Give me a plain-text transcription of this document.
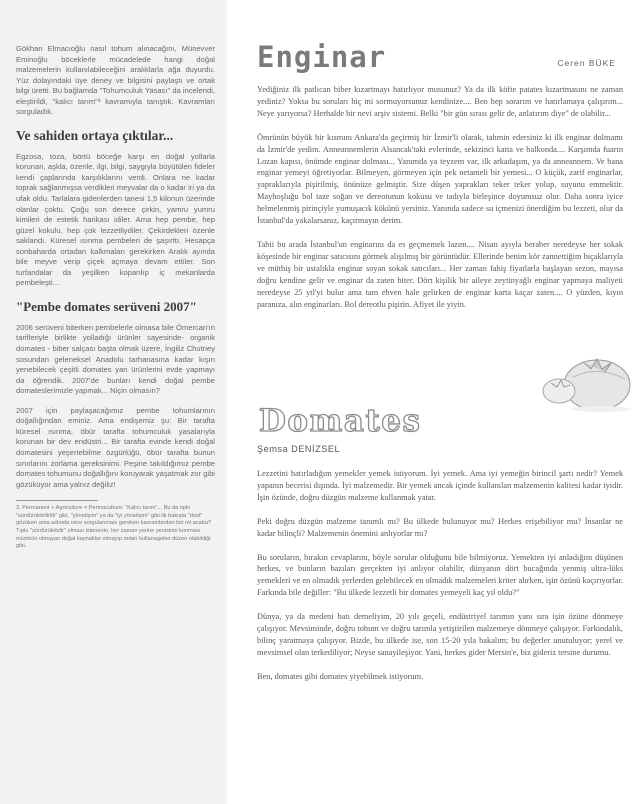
Gökhan Elmacıoğlu nasıl tohum alınacağını, Münevver Eminoğlu böceklerle mücadelede hangi doğal malzemelerin kullanılabileceğini aralıklarla ağa duyurdu. Yüz dolayındaki üye deney ve bilgisini paylaştı ve ortak bilgi üretti. Bu bağlamda "Tohumculuk Yasası" da incelendi, eleştirildi, "kalıcı tarım"³ kavramıyla tanıştık. Kavramları sorguladık.

Ve sahiden ortaya çıktılar...

Egzosa, toza, börtü böceğe karşı en doğal yollarla korunan, aşkla, özenle, ilgi, bilgi, saygıyla büyütülen fideler kendi çaplarında karşılıklarını verdi. Onlara ne kadar toprak sağlanmışsa verdikleri meyvalar da o kadar iri ya da ufak oldu. Tarlalara gidenlerden tanesi 1,5 kilonun üzerinde olanlar çoktu. Çoğu son derece çirkin, yamru yumru kimileri de estetik harikası idiler. Ama hep pembe, hep güzel kokulu, hep çok lezzetliydiler. Çekirdekleri özenle saklandı. Küresel ısınma pembeleri de şaşırttı. Hesapça sonbaharda ortadan kalkmaları gerekirken Aralık ayında bile meyve verip çiçek açmaya devam ettiler. Son turfandalar da yeşilken koparılıp iç mekanlarda pembeleşti...

"Pembe domates serüveni 2007"

2006 serüveni biterken pembelerle olmasa bile Ömercan'ın tarifleriyle birlikte yolladığı ürünler sayesinde- organik domates - biber salçası başta olmak üzere, İngiliz Chutney sosundan geleneksel Anadolu tarhanasına kadar kışın yenebilecek çeşitli domates yan ürünlerini evde yapmayı da öğrendik. 2007'de bunları kendi doğal pembe domateslerimizle yapmak... Niçin olmasın?

2007 için paylaşacağımız pembe tohumlarının doğallığından eminiz. Ama endişemiz şu: Bir tarafta küresel ısınma, öbür tarafta tohumculuk yasalarıyla korunan bir dev endüstri... Bir tarafta evinde kendi doğal domatesini yeşertebilme özgürlüğü, öbür tarafta bunun sınırlarını zorlama gereksinimi. Peşine takıldığımız pembe domates tohumunu doğallığını koruyarak yaşatmak zor gibi gözüküyor ama yalnız değiliz!

3. Permanent + Agriculture = Permaculture: "Kalıcı tarım"... Bu da tıpkı "sürdürülebilirlik" gibi, "yönetişim" ya da "iyi yönetişim" gibi ilk bakışta "dost" gözüken ama aslında ıvice sorgulanması gereken kavramlardan biri mi acaba? Tıpkı "sürdürülebilir" olması istenenin, her zaman yerine yenisinin konması mümkün olmayan doğal kaynaklar olmayıp onları kullanagelen düzen olabildiği gibi.

Enginar	Ceren BÜKE

Yediğiniz ilk patlıcan biber kızartmayı hatırlıyor musunuz? Ya da ilk köfte patates kızartmasını ne zaman yediniz? Yoksa bu soruları hiç mi sormuyorsunuz kendinize.... Ben hep sorarım ve hatırlamaya çalışırım... Neye yarıyorsa? Herhalde bir nevi arşiv sistemi. Belki "bir gün sırası gelir de, anlatırım diye" de olabilir...

Ömrünün büyük bir kısmını Ankara'da geçirmiş bir İzmir'li olarak, tahmin edersiniz ki ilk enginar dolmamı da İzmir'de yedim. Anneannemlerin Alsancak'taki evlerinde, sekizinci katta ve balkonda.... Karşımda fuarın Lozan kapısı, önümde enginar dolması... Yanımda ya teyzem var, ilk arkadaşım, ya da anneannem. Ve bana enginar yemeyi öğretiyorlar. Bilmeyen, görmeyen için pek netameli bir yemesi... O küçük, zarif enginarlar, yapraklarıyla pişirilmiş, önünüze gelmiştir. Size düşen yaprakları teker teker yolup, suyunu emmektir. Mayhoşluğu bol taze soğan ve dereotunun kokusu ve tadıyla birleşince doyumsuz olur. Daha sonra iyice helmelenmiş pirinçiyle yumuşacık kökünü yersiniz. Yanında sadece su içmenizi önerdiğim bu lezzeti, olur da İstanbul'da yakalarsanız, kaçırmayın derim.

Tabii bu arada İstanbul'un enginarını da es geçmemek lazım.... Nisan ayıyla beraber neredeyse her sokak köşesinde bir enginar satıcısını görmek alışılmış bir görüntüdür. Ellerinde benim kör zannettiğim bıçaklarıyla ve müthiş bir ustalıkla enginar soyan sokak satıcıları... Her zaman fahiş fiyatlarla başlayan sezon, mayısa doğru kendine gelir ve enginar da zaten biter. Dört kişilik bir aileye zeytinyağlı enginar yapmaya maliyeti neredeyse 25 ytl'yi bulur ama tam ehven hale gelirken de enginar karta kaçar zaten.... O yüzden, kıyın paranıza, alın enginarları. Bol dereotlu pişirin. Afiyet ile yiyin.

Domates
Şemsa DENİZSEL

Lezzetini hatırladığım yemekler yemek istiyorum. İyi yemek. Ama iyi yemeğin birincil şartı nedir? Yemek yapanın becerisi dışında. İyi malzemedir. Bir yemek ancak içinde kullanılan malzemenin kalitesi kadar iyidir. İşin özünde, doğru düzgün malzeme kullanmak yatar.

Peki doğru düzgün malzeme tanımlı mı? Bu ülkede bulunuyor mu? Herkes erişebiliyor mu? İnsanlar ne kadar bilinçli? Malzemenin önemini anlıyorlar mı?

Bu soruların, bırakın cevaplarını, böyle sorular olduğunu bile bilmiyoruz. Yemekten iyi anladığını düşünen herkes, ve bunların bazıları gerçekten iyi anlıyor olabilir, dünyanın dört bucağında yenmiş ultra-lüks yemekleri ve en olmadık yerlerden gelebilecek en olmadık malzemeleri kriter alırken, işin özünü kaçırıyorlar. Farkında bile değiller: "Bu ülkede lezzetli bir domates yemeyeli kaç yıl oldu?"

Dünya, ya da medeni batı demeliyim, 20 yılı geçeli, endüstriyel tarımın yanı sıra işin özüne dönmeye çalışıyor. Mevsiminde, doğru tohum ve doğru tarımla yetiştirilen malzemeye dönmeye çalışıyor. Farkındalık, bilinç yaratmaya çalışıyor. Bizde, bu ülkede ise, son 15-20 yıla bakalım; bu değerler unutuluyor; yerel ve mevsimsel olan terkediliyor; Neyse sanayileşiyor. Yani, herkes gider Mersin'e, biz gideriz tersine durumu.

Ben, domates gibi domates yiyebilmek istiyorum.
